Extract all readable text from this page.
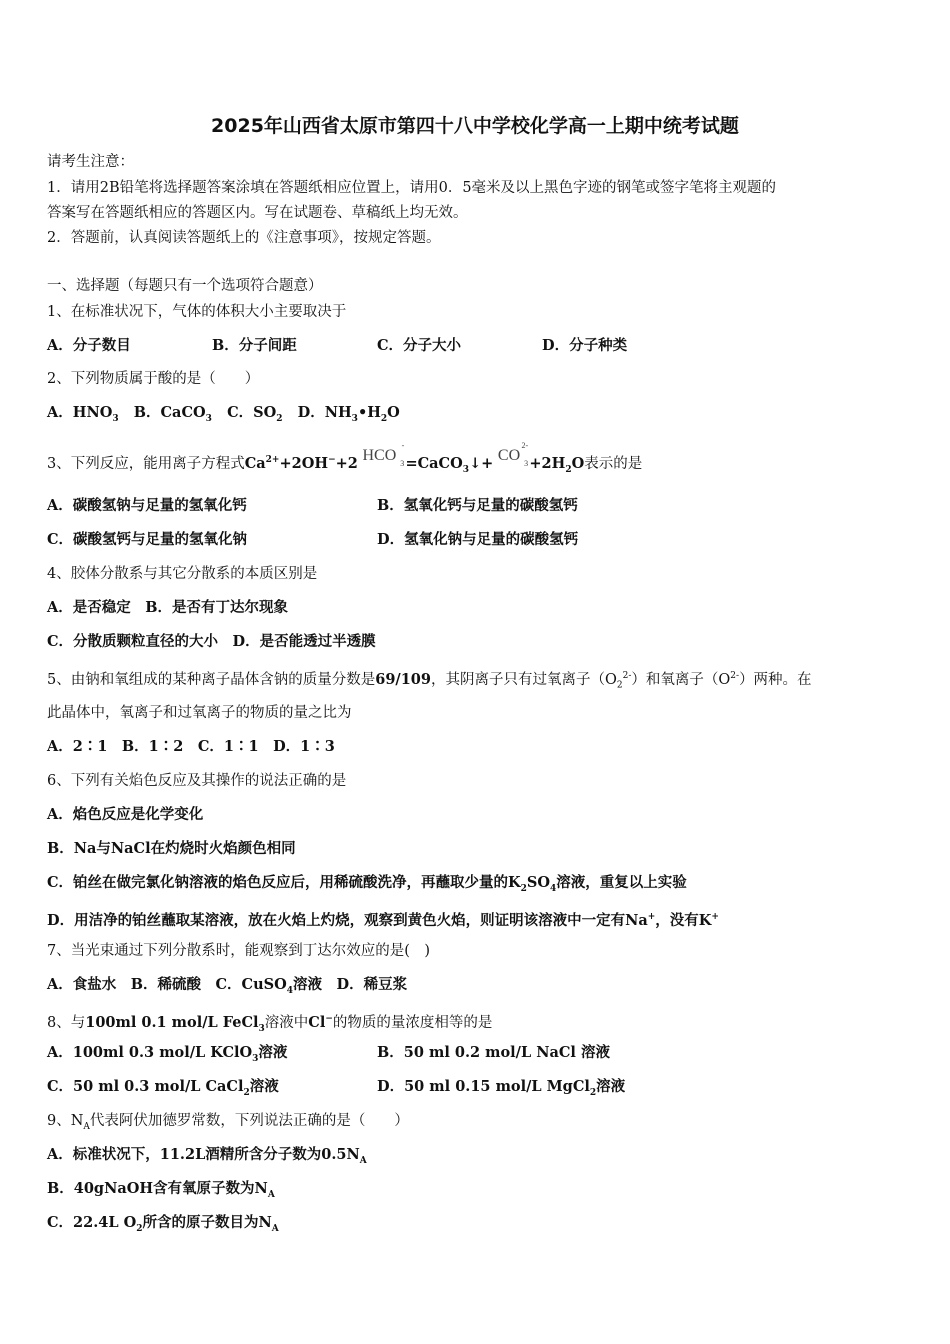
2025年山西省太原市第四十八中学校化学高一上期中统考试题
请考生注意：
1．请用2B铅笔将选择题答案涂填在答题纸相应位置上，请用0．5毫米及以上黑色字迹的钢笔或签字笔将主观题的
答案写在答题纸相应的答题区内。写在试题卷、草稿纸上均无效。
2．答题前，认真阅读答题纸上的《注意事项》，按规定答题。
一、选择题（每题只有一个选项符合题意）
1、在标准状况下，气体的体积大小主要取决于
A．分子数目	B．分子间距	C．分子大小	D．分子种类
2、下列物质属于酸的是（　　）
A．$HNO_3$ B．CaCO$_3$ C．$SO_2$ D．$NH_3•H_2O$
3、下列反应，能用离子方程式$Ca^{2+}+2OH^-+2$ HCO
-
3 =CaCO$_3$↓+ CO
2-
$3 +2H_2O$表示的是
A．碳酸氢钠与足量的氢氧化钙	B．氢氧化钙与足量的碳酸氢钙
C．碳酸氢钙与足量的氢氧化钠	D．氢氧化钠与足量的碳酸氢钙
4、胶体分散系与其它分散系的本质区别是
A．是否稳定　B．是否有丁达尔现象
C．分散质颗粒直径的大小　D．是否能透过半透膜
5、由钠和氧组成的某种离子晶体含钠的质量分数是69/109，其阴离子只有过氧离子$(O_2^{2-})$和氧离子$(O^{2-})$两种。在
此晶体中，氧离子和过氧离子的物质的量之比为
A．2∶1　B．1∶2　C．1∶1　D．1∶3
6、下列有关焰色反应及其操作的说法正确的是
A．焰色反应是化学变化
B．Na与NaCl在灼烧时火焰颜色相同
C．铂丝在做完氯化钠溶液的焰色反应后，用稀硫酸洗净，再蘸取少量的$K_2SO_4$溶液，重复以上实验
D．用洁净的铂丝蘸取某溶液，放在火焰上灼烧，观察到黄色火焰，则证明该溶液中一定有Na+，没有K+
7、当光束通过下列分散系时，能观察到丁达尔效应的是(　)
A．食盐水　B．稀硫酸　C．CuSO$_4$溶液　D．稀豆浆
8、与100ml 0.1 mol/L FeCl$_3$溶液中Cl−的物质的量浓度相等的是
A．100ml 0.3 mol/L KClO$_3$溶液	B．50 ml 0.2 mol/L NaCl 溶液
C．50 ml 0.3 mol/L CaCl$_2$溶液	D．50 ml 0.15 mol/L MgCl$_2$溶液
9、$N_A$代表阿伏加德罗常数，下列说法正确的是（　　）
A．标准状况下，11.2L酒精所含分子数为$0.5N_A$
B．40gNaOH含有氧原子数为$N_A$
C．22.4L $O_2$所含的原子数目为$N_A$
